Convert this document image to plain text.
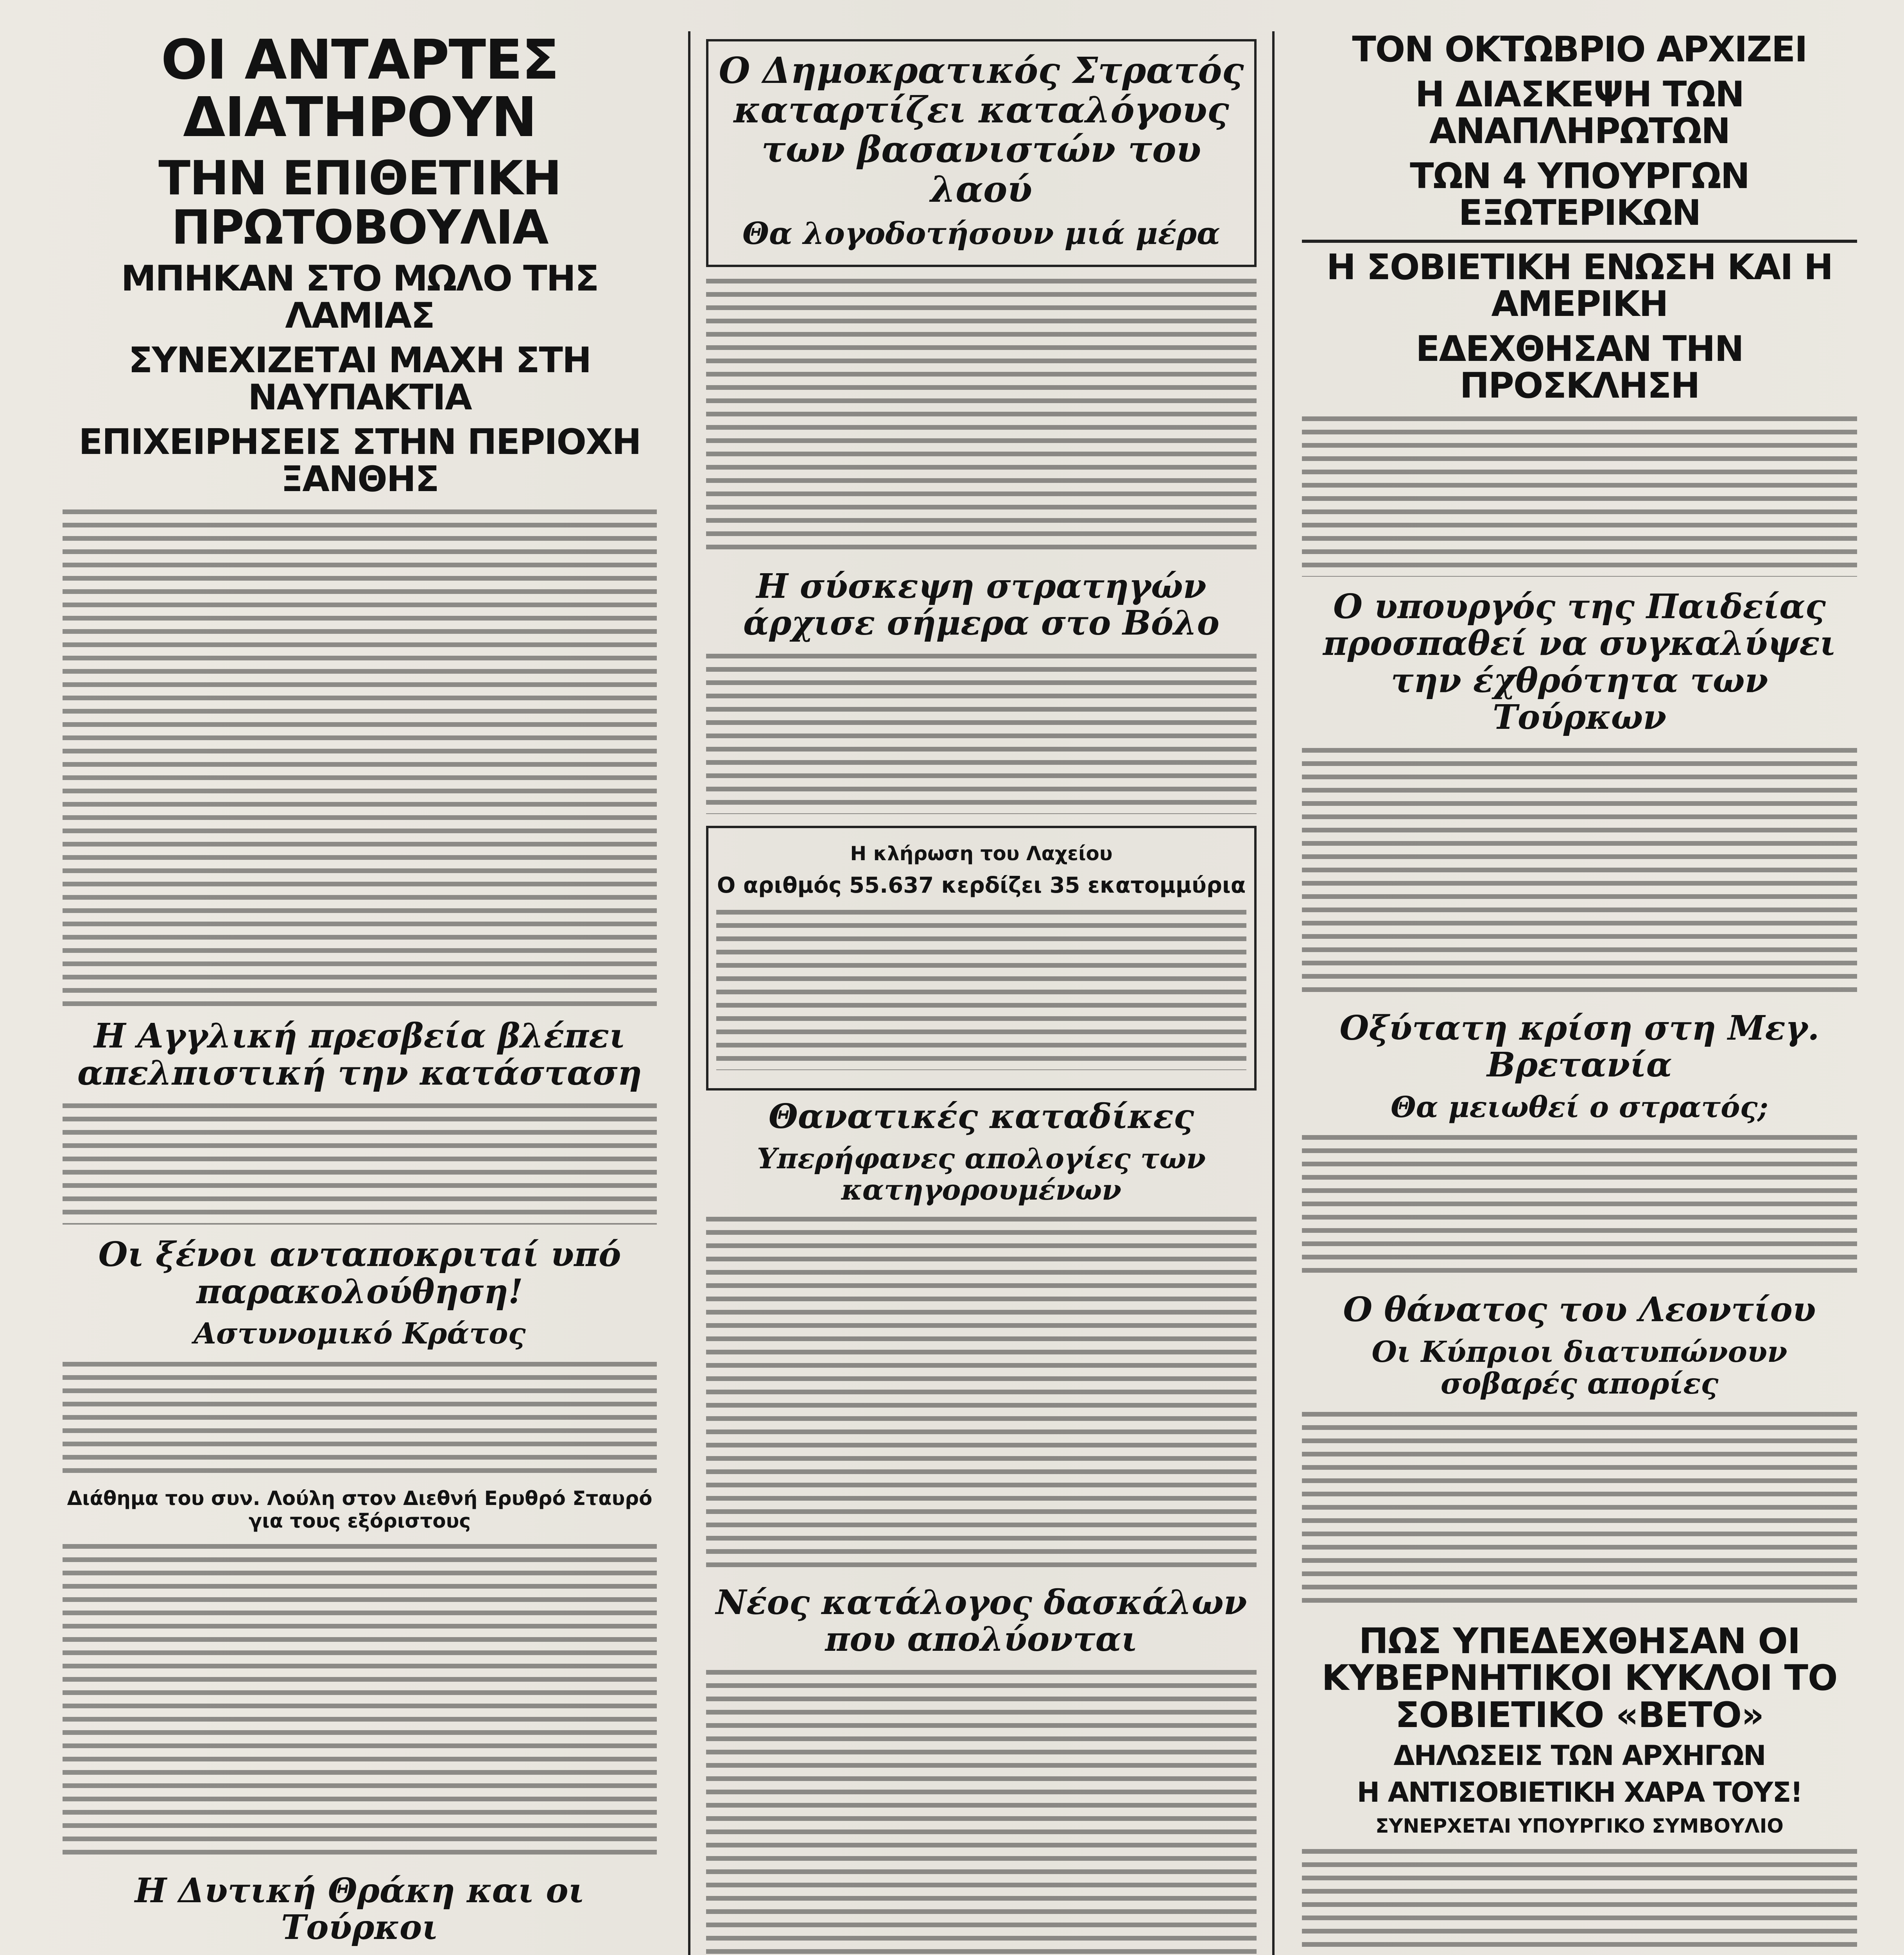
ΟΙ ΑΝΤΑΡΤΕΣ ΔΙΑΤΗΡΟΥΝ
ΤΗΝ ΕΠΙΘΕΤΙΚΗ ΠΡΩΤΟΒΟΥΛΙΑ
ΜΠΗΚΑΝ ΣΤΟ ΜΩΛΟ ΤΗΣ ΛΑΜΙΑΣ
ΣΥΝΕΧΙΖΕΤΑΙ ΜΑΧΗ ΣΤΗ ΝΑΥΠΑΚΤΙΑ
ΕΠΙΧΕΙΡΗΣΕΙΣ ΣΤΗΝ ΠΕΡΙΟΧΗ ΞΑΝΘΗΣ
Η Αγγλική πρεσβεία βλέπει απελπιστική την κατάσταση
Οι ξένοι ανταποκριτaί υπό παρακολούθηση!
Αστυνομικό Κράτος
Διάθημα του συν. Λούλη στον Διεθνή Ερυθρό Σταυρό για τους εξόριστους
Η Δυτική Θράκη και οι Τούρκοι
Ο Δημοκρατικός Στρατός καταρτίζει καταλόγους των βασανιστών του λαού
Θα λογοδοτήσουν μιά μέρα
Η σύσκεψη στρατηγών άρχισε σήμερα στο Βόλο
Η κλήρωση του Λαχείου
Ο αριθμός 55.637 κερδίζει 35 εκατομμύρια
Θανατικές καταδίκες
Υπερήφανες απολογίες των κατηγορουμένων
Νέος κατάλογος δασκάλων που απολύονται
ΤΟΝ ΟΚΤΩΒΡΙΟ ΑΡΧΙΖΕΙ
Η ΔΙΑΣΚΕΨΗ ΤΩΝ ΑΝΑΠΛΗΡΩΤΩΝ
ΤΩΝ 4 ΥΠΟΥΡΓΩΝ ΕΞΩΤΕΡΙΚΩΝ
Η ΣΟΒΙΕΤΙΚΗ ΕΝΩΣΗ ΚΑΙ Η ΑΜΕΡΙΚΗ
ΕΔΕΧΘΗΣΑΝ ΤΗΝ ΠΡΟΣΚΛΗΣΗ
Ο υπουργός της Παιδείας προσπαθεί να συγκαλύψει την έχθρότητα των Τούρκων
Οξύτατη κρίση στη Μεγ. Βρετανία
Θα μειωθεί ο στρατός;
Ο θάνατος του Λεοντίου
Οι Κύπριοι διατυπώνουν σοβαρές απορίες
ΠΩΣ ΥΠΕΔΕΧΘΗΣΑΝ ΟΙ ΚΥΒΕΡΝΗΤΙΚΟΙ ΚΥΚΛΟΙ ΤΟ ΣΟΒΙΕΤΙΚΟ «ΒΕΤΟ»
ΔΗΛΩΣΕΙΣ ΤΩΝ ΑΡΧΗΓΩΝ
Η ΑΝΤΙΣΟΒΙΕΤΙΚΗ ΧΑΡΑ ΤΟΥΣ!
ΣΥΝΕΡΧΕΤΑΙ ΥΠΟΥΡΓΙΚΟ ΣΥΜΒΟΥΛΙΟ
